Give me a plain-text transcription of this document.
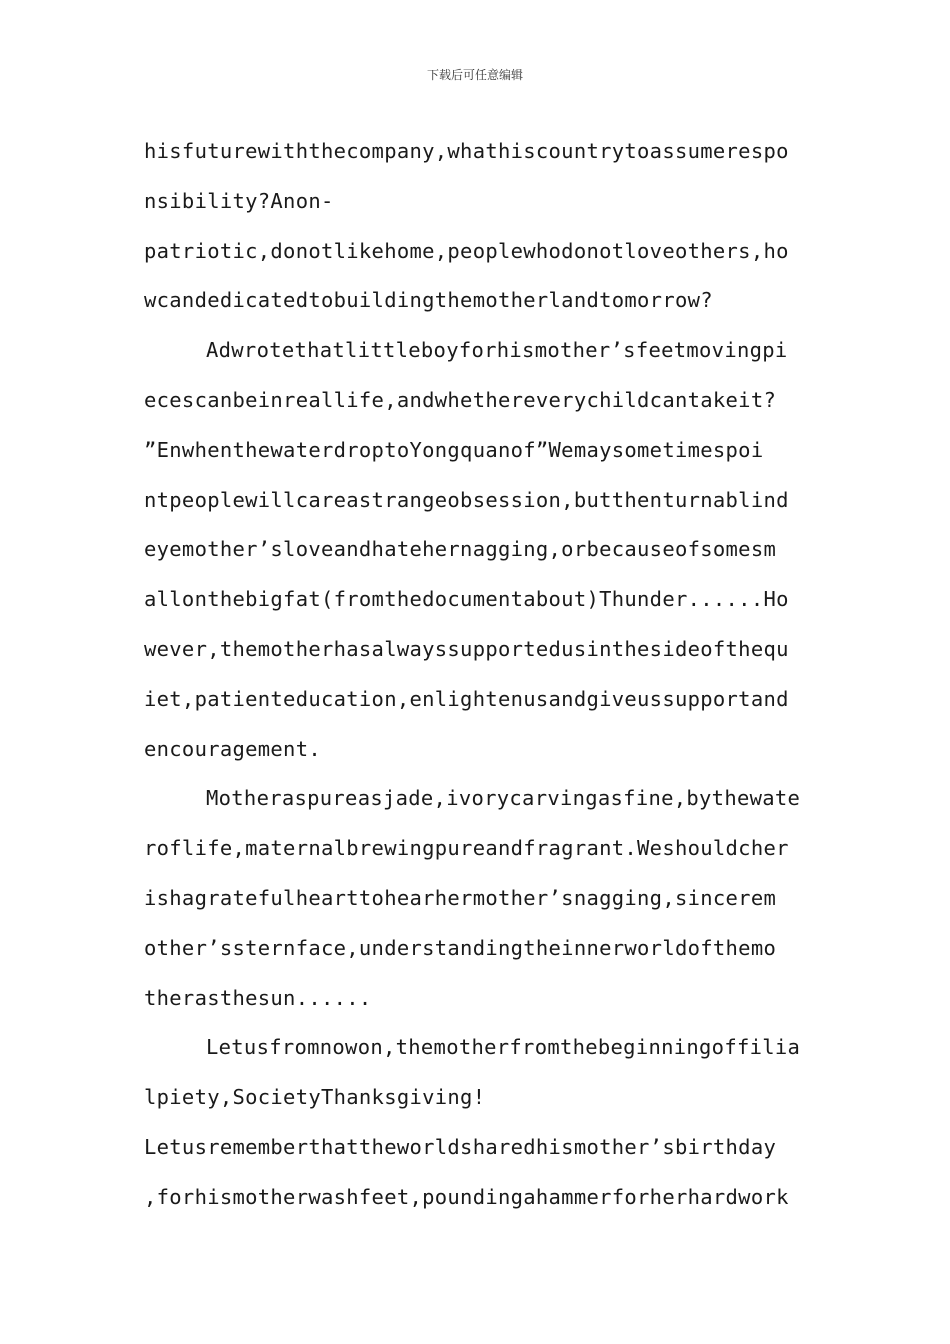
下载后可任意编辑
hisfuturewiththecompany,whathiscountrytoassumerespo
nsibility?Anon-
patriotic,donotlikehome,peoplewhodonotloveothers,ho
wcandedicatedtobuildingthemotherlandtomorrow?
Adwrotethatlittleboyforhismother’sfeetmovingpi
ecescanbeinreallife,andwhethereverychildcantakeit?
”EnwhenthewaterdroptoYongquanof”Wemaysometimespoi
ntpeoplewillcareastrangeobsession,butthenturnablind
eyemother’sloveandhatehernagging,orbecauseofsomesm
allonthebigfat(fromthedocumentabout)Thunder......Ho
wever,themotherhasalwayssupportedusinthesideofthequ
iet,patienteducation,enlightenusandgiveussupportand
encouragement.
Motheraspureasjade,ivorycarvingasfine,bythewate
roflife,maternalbrewingpureandfragrant.Weshouldcher
ishagratefulhearttohearhermother’snagging,sincerem
other’ssternface,understandingtheinnerworldofthemo
therasthesun......
Letusfromnowon,themotherfromthebeginningoffilia
lpiety,SocietyThanksgiving!
Letusrememberthattheworldsharedhismother’sbirthday
,forhismotherwashfeet,poundingahammerforherhardwork
